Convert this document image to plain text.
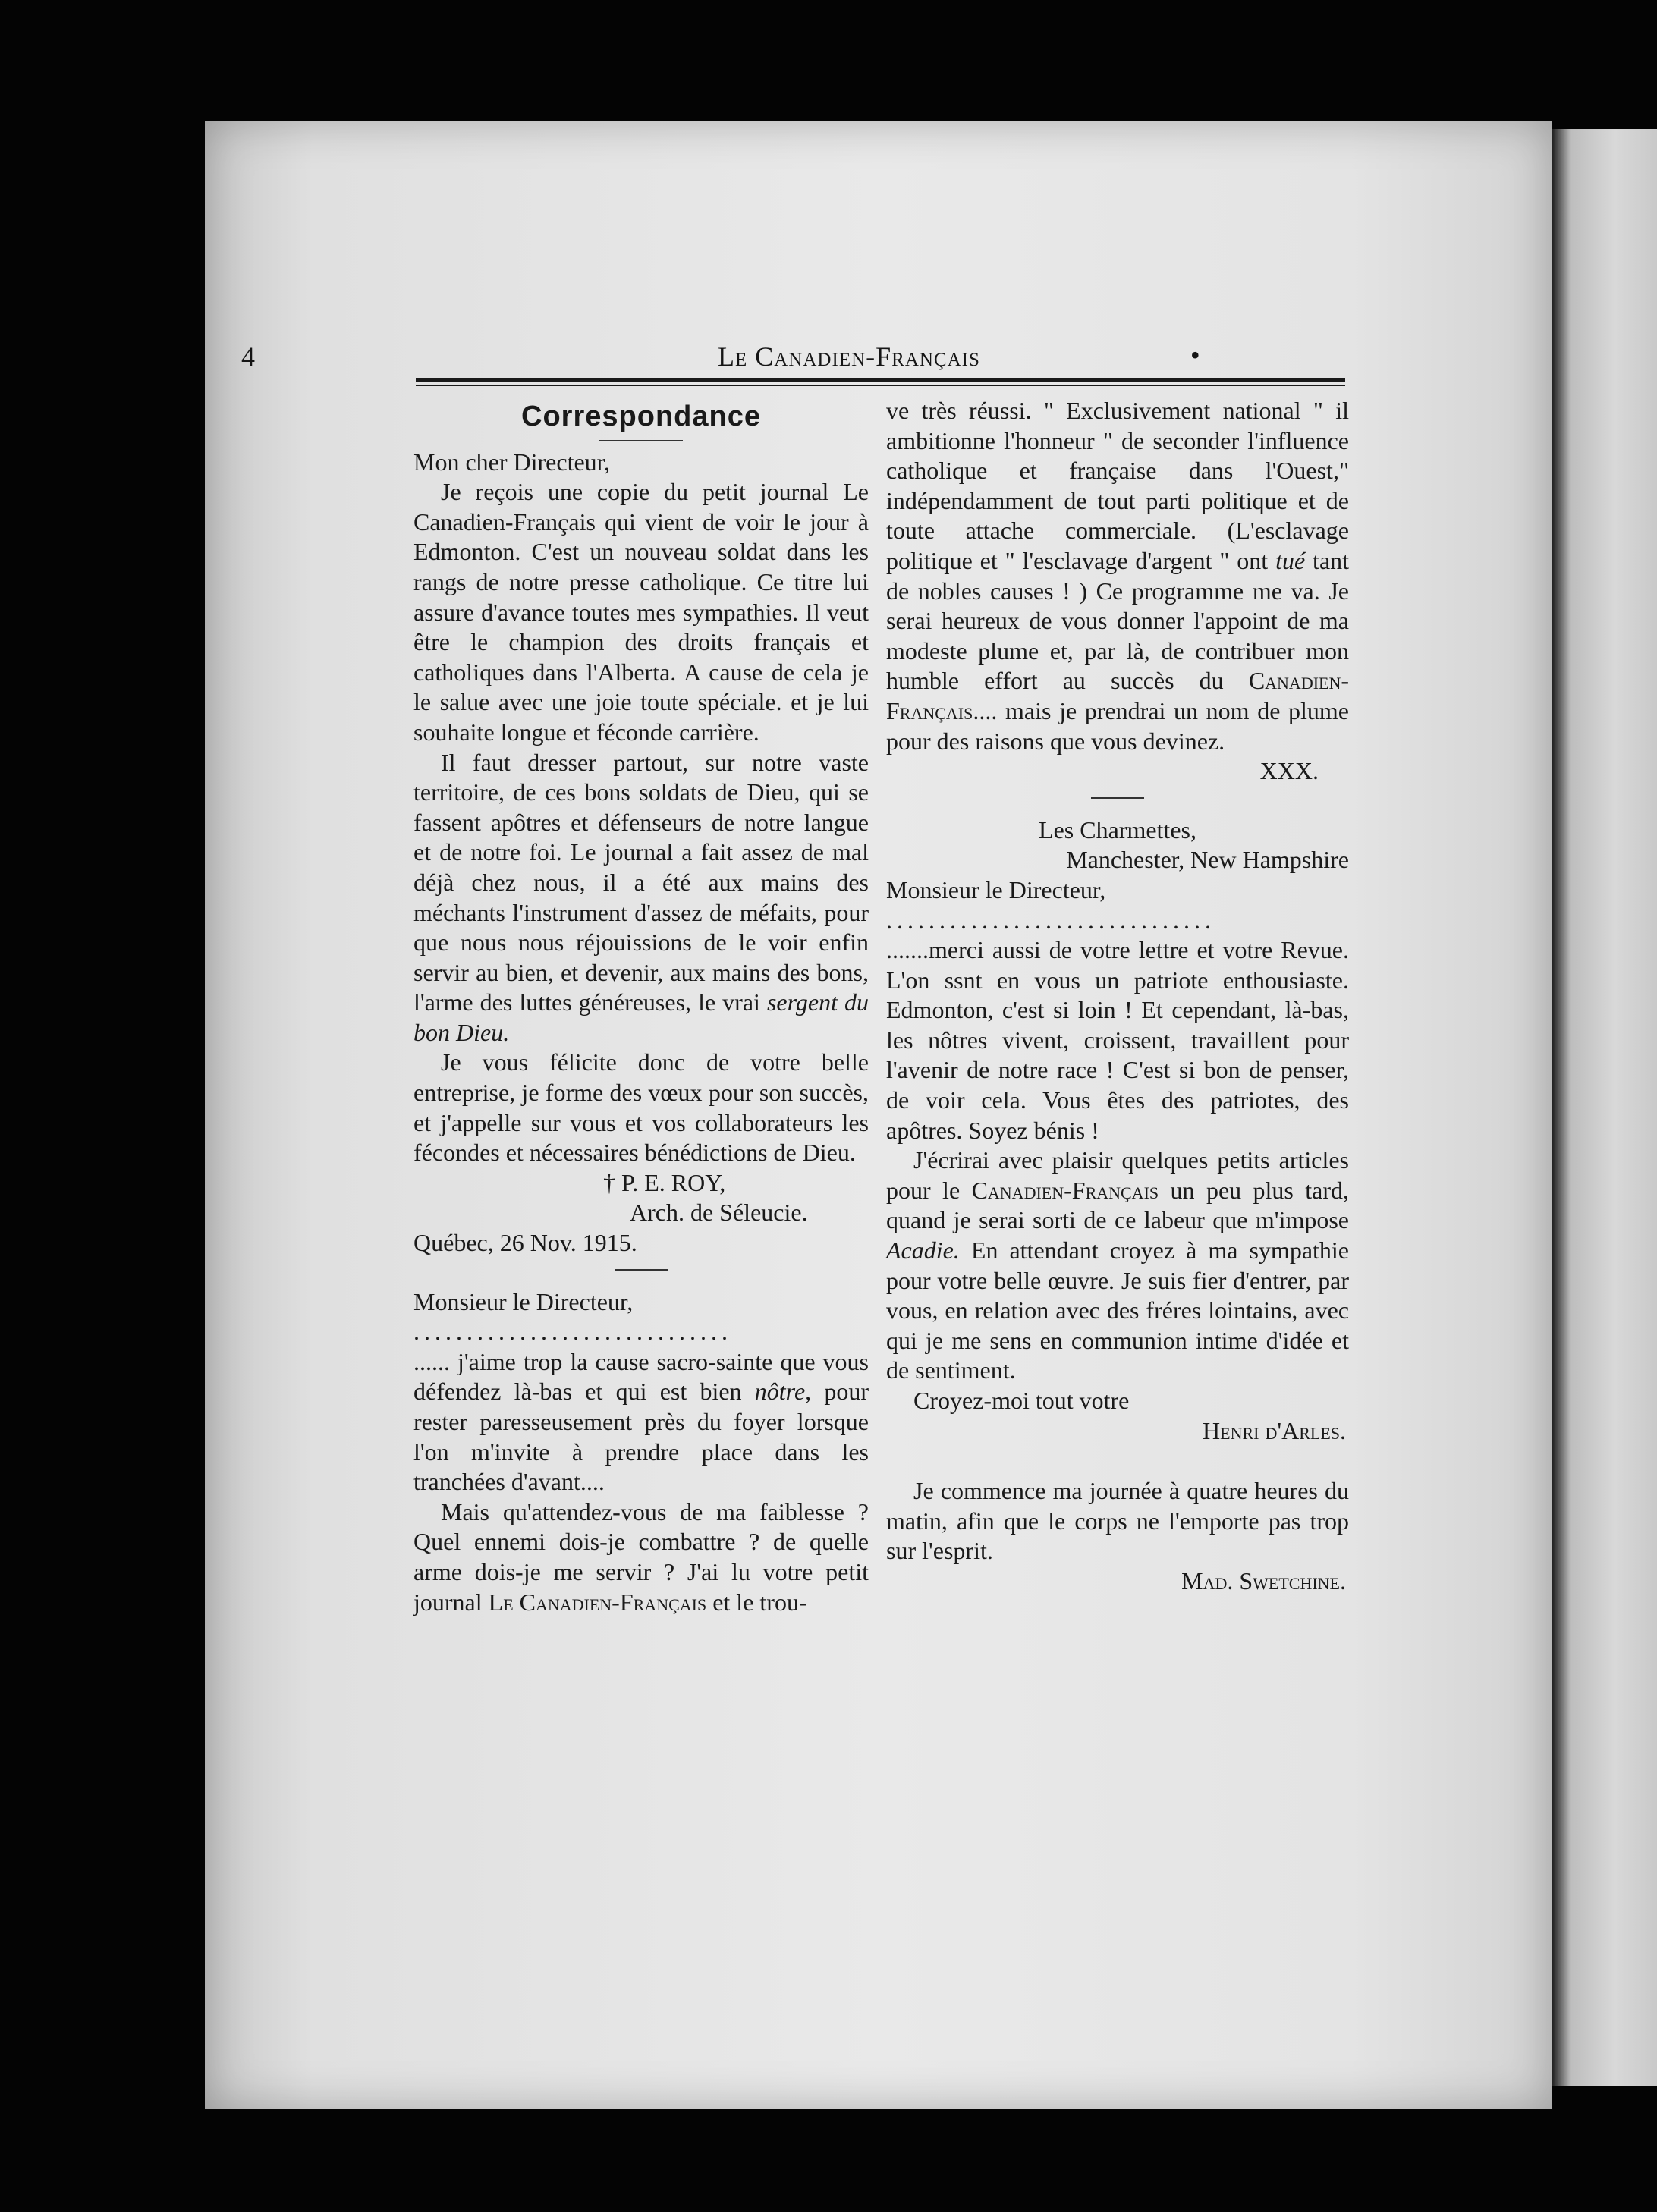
4	Le Canadien-Français	•
Correspondance

Mon cher Directeur,

Je reçois une copie du petit journal Le Canadien-Français qui vient de voir le jour à Edmonton. C'est un nouveau soldat dans les rangs de notre presse catholique. Ce titre lui assure d'avance toutes mes sympathies. Il veut être le champion des droits français et catholiques dans l'Alberta. A cause de cela je le salue avec une joie toute spéciale. et je lui souhaite longue et féconde carrière.

Il faut dresser partout, sur notre vaste territoire, de ces bons soldats de Dieu, qui se fassent apôtres et défenseurs de notre langue et de notre foi. Le journal a fait assez de mal déjà chez nous, il a été aux mains des méchants l'instrument d'assez de méfaits, pour que nous nous réjouissions de le voir enfin servir au bien, et devenir, aux mains des bons, l'arme des luttes généreuses, le vrai sergent du bon Dieu.

Je vous félicite donc de votre belle entreprise, je forme des vœux pour son succès, et j'appelle sur vous et vos collaborateurs les fécondes et nécessaires bénédictions de Dieu.

† P. E. ROY,

Arch. de Séleucie.

Québec, 26 Nov. 1915.

Monsieur le Directeur,

..............................

...... j'aime trop la cause sacro-sainte que vous défendez là-bas et qui est bien nôtre, pour rester paresseusement près du foyer lorsque l'on m'invite à prendre place dans les tranchées d'avant....

Mais qu'attendez-vous de ma faiblesse ? Quel ennemi dois-je combattre ? de quelle arme dois-je me servir ? J'ai lu votre petit journal Le Canadien-Français et le trou-

ve très réussi. " Exclusivement national " il ambitionne l'honneur " de seconder l'influence catholique et française dans l'Ouest," indépendamment de tout parti politique et de toute attache commerciale. (L'esclavage politique et " l'esclavage d'argent " ont tué tant de nobles causes ! ) Ce programme me va. Je serai heureux de vous donner l'appoint de ma modeste plume et, par là, de contribuer mon humble effort au succès du Canadien-Français.... mais je prendrai un nom de plume pour des raisons que vous devinez.

XXX.

Les Charmettes,

Manchester, New Hampshire

Monsieur le Directeur,

...............................

.......merci aussi de votre lettre et votre Revue. L'on ssnt en vous un patriote enthousiaste. Edmonton, c'est si loin ! Et cependant, là-bas, les nôtres vivent, croissent, travaillent pour l'avenir de notre race ! C'est si bon de penser, de voir cela. Vous êtes des patriotes, des apôtres. Soyez bénis !

J'écrirai avec plaisir quelques petits articles pour le Canadien-Français un peu plus tard, quand je serai sorti de ce labeur que m'impose Acadie. En attendant croyez à ma sympathie pour votre belle œuvre. Je suis fier d'entrer, par vous, en relation avec des fréres lointains, avec qui je me sens en communion intime d'idée et de sentiment.

Croyez-moi tout votre

Henri d'Arles.

Je commence ma journée à quatre heures du matin, afin que le corps ne l'emporte pas trop sur l'esprit.

Mad. Swetchine.
